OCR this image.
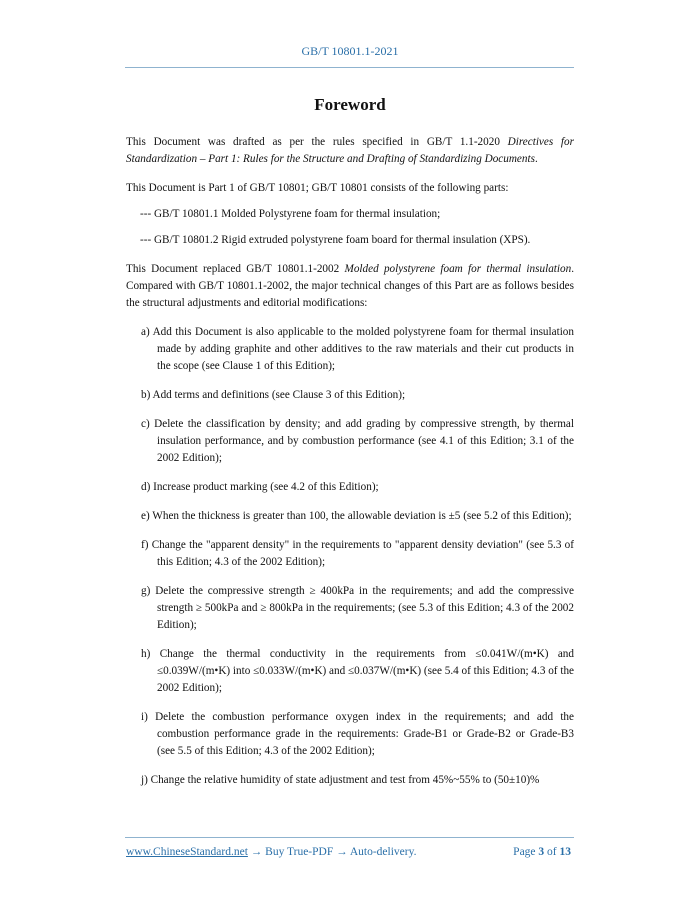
GB/T 10801.1-2021
Foreword

This Document was drafted as per the rules specified in GB/T 1.1-2020 Directives for Standardization – Part 1: Rules for the Structure and Drafting of Standardizing Documents.

This Document is Part 1 of GB/T 10801; GB/T 10801 consists of the following parts:

--- GB/T 10801.1 Molded Polystyrene foam for thermal insulation;

--- GB/T 10801.2 Rigid extruded polystyrene foam board for thermal insulation (XPS).

This Document replaced GB/T 10801.1-2002 Molded polystyrene foam for thermal insulation. Compared with GB/T 10801.1-2002, the major technical changes of this Part are as follows besides the structural adjustments and editorial modifications:

a) Add this Document is also applicable to the molded polystyrene foam for thermal insulation made by adding graphite and other additives to the raw materials and their cut products in the scope (see Clause 1 of this Edition);
b) Add terms and definitions (see Clause 3 of this Edition);
c) Delete the classification by density; and add grading by compressive strength, by thermal insulation performance, and by combustion performance (see 4.1 of this Edition; 3.1 of the 2002 Edition);
d) Increase product marking (see 4.2 of this Edition);
e) When the thickness is greater than 100, the allowable deviation is ±5 (see 5.2 of this Edition);
f) Change the "apparent density" in the requirements to "apparent density deviation" (see 5.3 of this Edition; 4.3 of the 2002 Edition);
g) Delete the compressive strength ≥ 400kPa in the requirements; and add the compressive strength ≥ 500kPa and ≥ 800kPa in the requirements; (see 5.3 of this Edition; 4.3 of the 2002 Edition);
h) Change the thermal conductivity in the requirements from ≤0.041W/(m•K) and ≤0.039W/(m•K) into ≤0.033W/(m•K) and ≤0.037W/(m•K) (see 5.4 of this Edition; 4.3 of the 2002 Edition);
i) Delete the combustion performance oxygen index in the requirements; and add the combustion performance grade in the requirements: Grade-B1 or Grade-B2 or Grade-B3 (see 5.5 of this Edition; 4.3 of the 2002 Edition);
j) Change the relative humidity of state adjustment and test from 45%~55% to (50±10)%
www.ChineseStandard.net → Buy True-PDF → Auto-delivery.	Page 3 of 13
